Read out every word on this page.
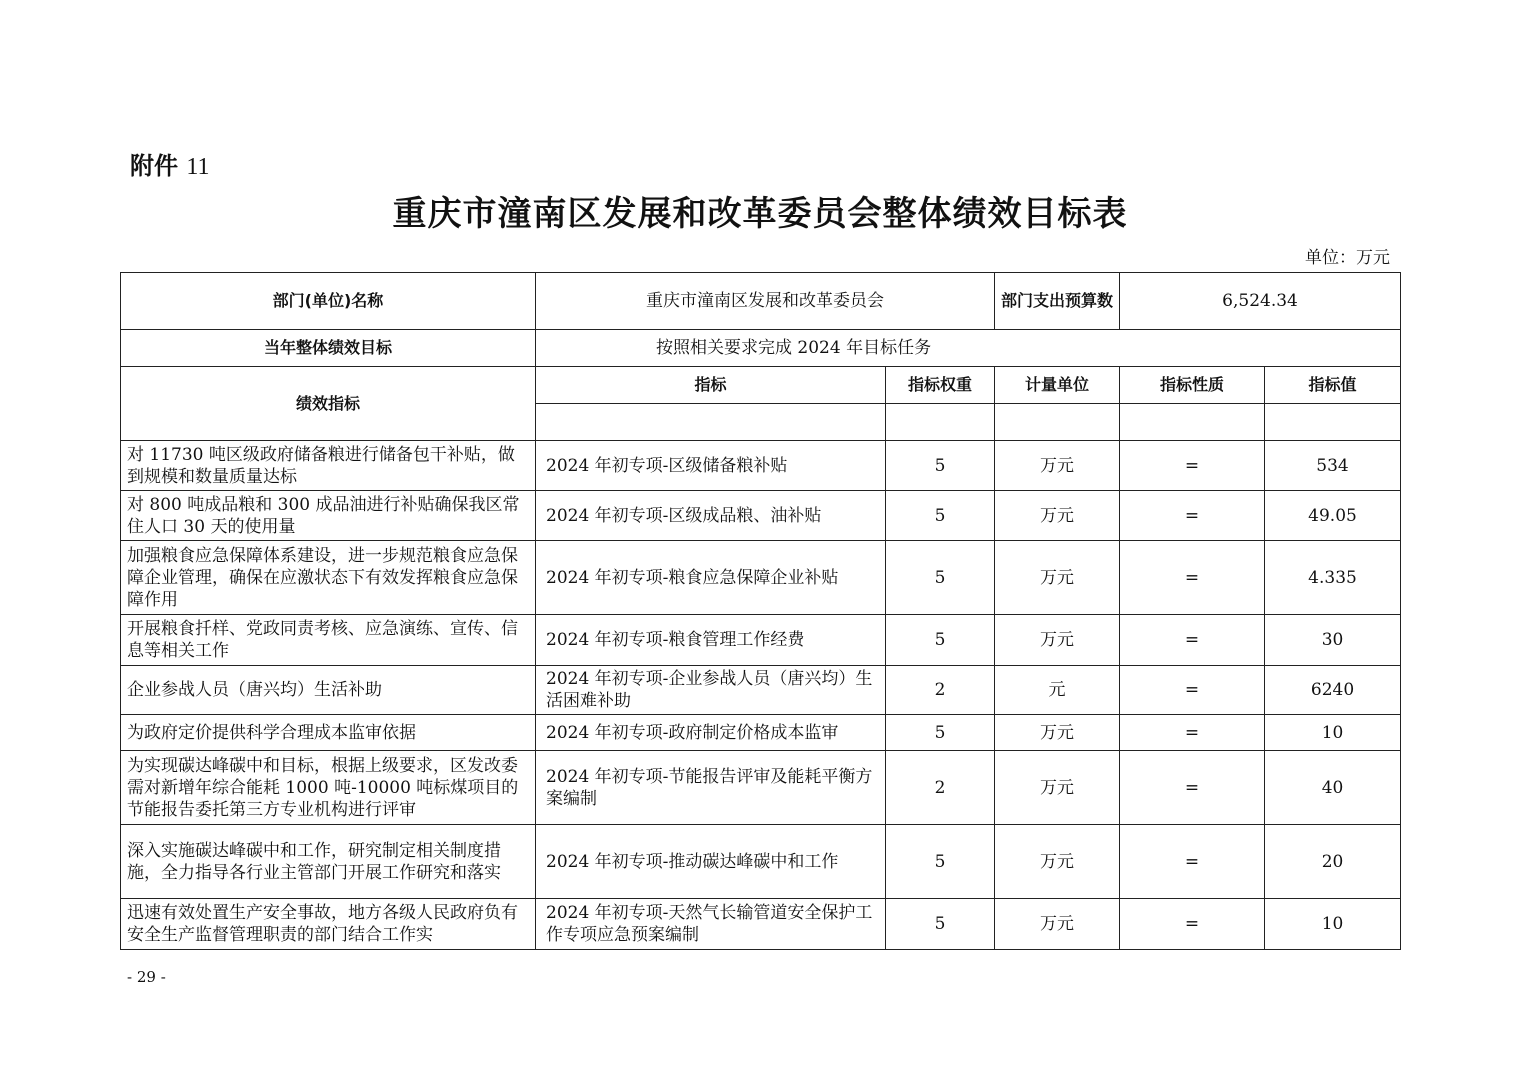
附件 11
重庆市潼南区发展和改革委员会整体绩效目标表
单位：万元
部门(单位)名称	重庆市潼南区发展和改革委员会		部门支出预算数	6,524.34	
当年整体绩效目标	按照相关要求完成 2024 年目标任务				
绩效指标	指标	指标权重	计量单位	指标性质	指标值

对 11730 吨区级政府储备粮进行储备包干补贴，做到规模和数量质量达标	2024 年初专项-区级储备粮补贴	5	万元	=	534
对 800 吨成品粮和 300 成品油进行补贴确保我区常住人口 30 天的使用量	2024 年初专项-区级成品粮、油补贴	5	万元	=	49.05
加强粮食应急保障体系建设，进一步规范粮食应急保障企业管理，确保在应激状态下有效发挥粮食应急保障作用	2024 年初专项-粮食应急保障企业补贴	5	万元	=	4.335
开展粮食扦样、党政同责考核、应急演练、宣传、信息等相关工作	2024 年初专项-粮食管理工作经费	5	万元	=	30
企业参战人员（唐兴均）生活补助	2024 年初专项-企业参战人员（唐兴均）生活困难补助	2	元	=	6240
为政府定价提供科学合理成本监审依据	2024 年初专项-政府制定价格成本监审	5	万元	=	10
为实现碳达峰碳中和目标，根据上级要求，区发改委需对新增年综合能耗 1000 吨-10000 吨标煤项目的节能报告委托第三方专业机构进行评审	2024 年初专项-节能报告评审及能耗平衡方案编制	2	万元	=	40
深入实施碳达峰碳中和工作，研究制定相关制度措施，全力指导各行业主管部门开展工作研究和落实	2024 年初专项-推动碳达峰碳中和工作	5	万元	=	20
迅速有效处置生产安全事故，地方各级人民政府负有安全生产监督管理职责的部门结合工作实	2024 年初专项-天然气长输管道安全保护工作专项应急预案编制	5	万元	=	10
- 29 -
